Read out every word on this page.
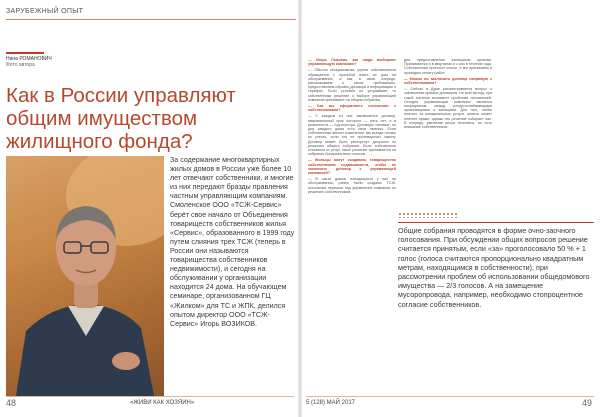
ЗАРУБЕЖНЫЙ ОПЫТ
Нина РОМАНОВИЧ
Фото автора
Как в России управляют общим имуществом жилищного фонда?

За содержание многоквартирных жилых домов в России уже более 10 лет отвечают собственники, и многие из них передают бразды правления частным управляющим компаниям. Смоленское ООО «ТСЖ-Сервис» берёт свое начало от Объединения товариществ собственников жилья «Сервис», образованного в 1999 году путем слияния трех ТСЖ (теперь в России они называются товарищества собственников недвижимости), и сегодня на обслуживании у организации находится 24 дома. На обучающем семинаре, организованном ГЦ «Жилком» для ТС и ЖПК, делился опытом директор ООО «ТСЖ-Сервис» Игорь ВОЗИКОВ.

48	«ЖИВИ КАК ХОЗЯИН»

— Игорь Львович, как люди выбирают управляющую компанию?

— Обычно инициативная группа собственников обращается с просьбой взять их дом на обслуживание, а мы, в свою очередь, рассказываем о своих требованиях, предоставляем образец договора и информацию о тарифах. Если условия их устраивают, то собственники решение о выборе управляющей компании принимают на общем собрании.

— Как вы оформляете отношения с собственниками?

— С каждым из них заключается договор, максимальный срок которого — пять лет, а в реальности — год-полтора. Договоры типовые, но для каждого дома есть свои нюансы. Если собственники вносят изменения, мы всегда готовы их учесть, если это не противоречит закону. Договор может быть расторгнут досрочно по решению общего собрания. Если собственник отказался от услуг, такое решение принимается на собрании большинством голосов.

— Жильцы могут создавать товарищество собственников недвижимости, чтобы не заключать договор с управляющей компанией?

— В части домов, находящихся у нас на обслуживании, ранее были созданы ТСЖ, остальные перешли под управление компании по решению собственников.

для предоставления жилищным органам. Принимаются и в кварталах и к раз в течение года. Собственники приносят ключи, а мы принимаем и проводим оплату работ.

— Можно ли заключить договор напрямую с собственниками?

— Сейчас в Думе рассматривается вопрос о заключении прямых договоров. Не мой взгляд, при такой системе возникнет проблема неплатежей. Сегодня управляющая компания является посредником между ресурсоснабжающими организациями и жильцами. Для того, чтобы платить за коммунальные услуги, житель может платить прямо, однако это решение собирает нас. В очередь, увеличив риски неоплаты, но есть внимание собственников.

Общие собрания проводятся в форме очно-заочного голосования. При обсуждении общих вопросов решение считается принятым, если «за» проголосовало 50 % + 1 голос (голоса считаются пропорционально квадратным метрам, находящимся в собственности), при рассмотрении проблем об использовании общедомового имущества — 2/3 голосов. А на замещение мусоропровода, например, необходимо стопроцентное согласие собственников.

5 (128) МАЙ 2017	49
